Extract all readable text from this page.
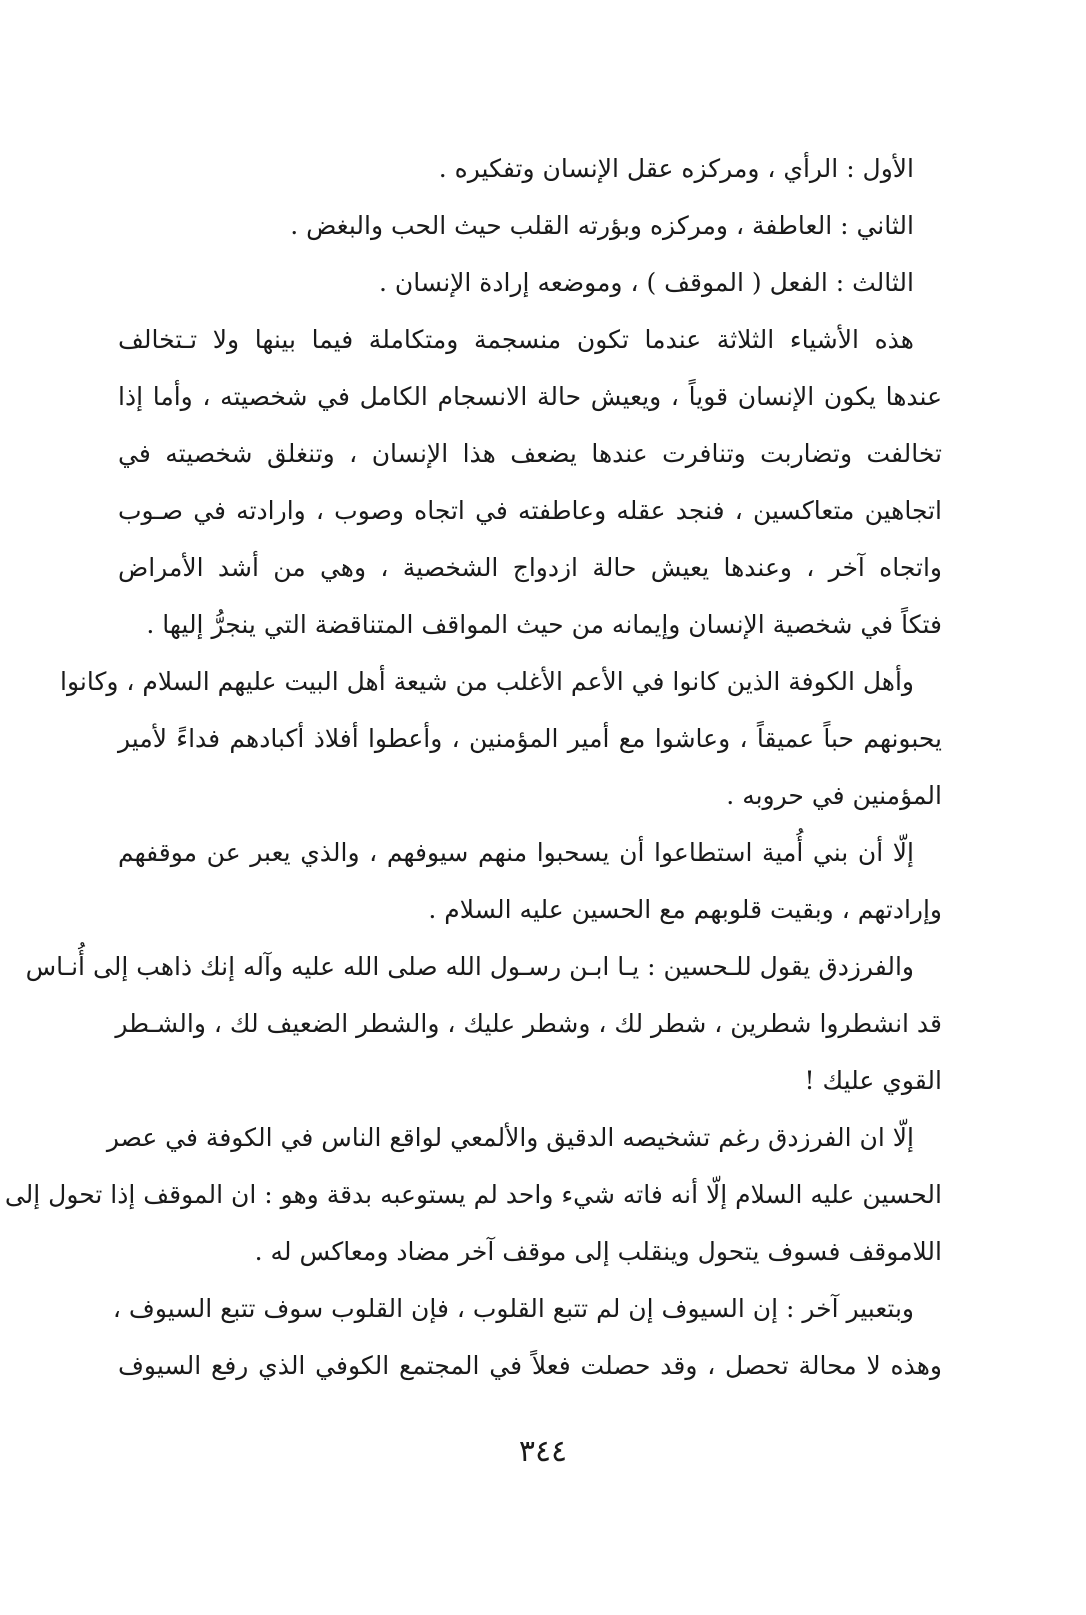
الأول : الرأي ، ومركزه عقل الإنسان وتفكيره .
الثاني : العاطفة ، ومركزه وبؤرته القلب حيث الحب والبغض .
الثالث : الفعل ( الموقف ) ، وموضعه إرادة الإنسان .
هذه الأشياء الثلاثة عندما تكون منسجمة ومتكاملة فيما بينها ولا تـتخالف
عندها يكون الإنسان قوياً ، ويعيش حالة الانسجام الكامل في شخصيته ، وأما إذا
تخالفت وتضاربت وتنافرت عندها يضعف هذا الإنسان ، وتنغلق شخصيته في
اتجاهين متعاكسين ، فنجد عقله وعاطفته في اتجاه وصوب ، وارادته في صـوب
واتجاه آخر ، وعندها يعيش حالة ازدواج الشخصية ، وهي من أشد الأمراض
فتكاً في شخصية الإنسان وإيمانه من حيث المواقف المتناقضة التي ينجرُّ إليها .
وأهل الكوفة الذين كانوا في الأعم الأغلب من شيعة أهل البيت عليهم السلام ، وكانوا
يحبونهم حباً عميقاً ، وعاشوا مع أمير المؤمنين ، وأعطوا أفلاذ أكبادهم فداءً لأمير
المؤمنين في حروبه .
إلّا أن بني أُمية استطاعوا أن يسحبوا منهم سيوفهم ، والذي يعبر عن موقفهم
وإرادتهم ، وبقيت قلوبهم مع الحسين عليه السلام .
والفرزدق يقول للـحسين : يـا ابـن رسـول الله صلى الله عليه وآله إنك ذاهب إلى أُنـاس
قد انشطروا شطرين ، شطر لك ، وشطر عليك ، والشطر الضعيف لك ، والشـطر
القوي عليك !
إلّا ان الفرزدق رغم تشخيصه الدقيق والألمعي لواقع الناس في الكوفة في عصر
الحسين عليه السلام إلّا أنه فاته شيء واحد لم يستوعبه بدقة وهو : ان الموقف إذا تحول إلى
اللاموقف فسوف يتحول وينقلب إلى موقف آخر مضاد ومعاكس له .
وبتعبير آخر : إن السيوف إن لم تتبع القلوب ، فإن القلوب سوف تتبع السيوف ،
وهذه لا محالة تحصل ، وقد حصلت فعلاً في المجتمع الكوفي الذي رفع السيوف
٣٤٤
